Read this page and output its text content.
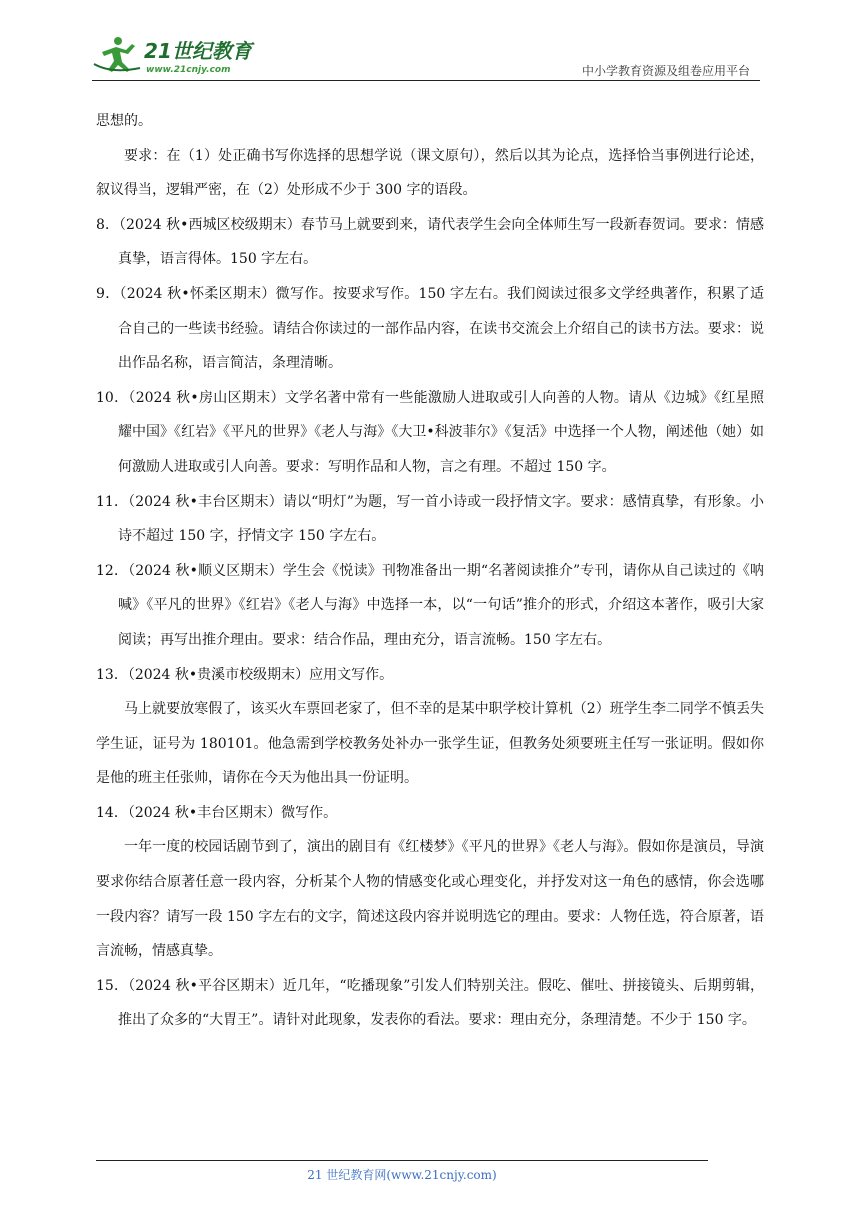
21世纪教育
www.21cnjy.com	中小学教育资源及组卷应用平台

思想的。

要求：在（1）处正确书写你选择的思想学说（课文原句），然后以其为论点，选择恰当事例进行论述，叙议得当，逻辑严密，在（2）处形成不少于 300 字的语段。

8．（2024 秋•西城区校级期末）春节马上就要到来，请代表学生会向全体师生写一段新春贺词。要求：情感真挚，语言得体。150 字左右。

9．（2024 秋•怀柔区期末）微写作。按要求写作。150 字左右。我们阅读过很多文学经典著作，积累了适合自己的一些读书经验。请结合你读过的一部作品内容，在读书交流会上介绍自己的读书方法。要求：说出作品名称，语言简洁，条理清晰。

10．（2024 秋•房山区期末）文学名著中常有一些能激励人进取或引人向善的人物。请从《边城》《红星照耀中国》《红岩》《平凡的世界》《老人与海》《大卫•科波菲尔》《复活》中选择一个人物，阐述他（她）如何激励人进取或引人向善。要求：写明作品和人物，言之有理。不超过 150 字。

11．（2024 秋•丰台区期末）请以“明灯”为题，写一首小诗或一段抒情文字。要求：感情真挚，有形象。小诗不超过 150 字，抒情文字 150 字左右。

12．（2024 秋•顺义区期末）学生会《悦读》刊物准备出一期“名著阅读推介”专刊，请你从自己读过的《呐喊》《平凡的世界》《红岩》《老人与海》中选择一本，以“一句话”推介的形式，介绍这本著作，吸引大家阅读；再写出推介理由。要求：结合作品，理由充分，语言流畅。150 字左右。

13．（2024 秋•贵溪市校级期末）应用文写作。

马上就要放寒假了，该买火车票回老家了，但不幸的是某中职学校计算机（2）班学生李二同学不慎丢失学生证，证号为 180101。他急需到学校教务处补办一张学生证，但教务处须要班主任写一张证明。假如你是他的班主任张帅，请你在今天为他出具一份证明。

14．（2024 秋•丰台区期末）微写作。

一年一度的校园话剧节到了，演出的剧目有《红楼梦》《平凡的世界》《老人与海》。假如你是演员，导演要求你结合原著任意一段内容，分析某个人物的情感变化或心理变化，并抒发对这一角色的感情，你会选哪一段内容？请写一段 150 字左右的文字，简述这段内容并说明选它的理由。要求：人物任选，符合原著，语言流畅，情感真挚。

15．（2024 秋•平谷区期末）近几年，“吃播现象”引发人们特别关注。假吃、催吐、拼接镜头、后期剪辑，推出了众多的“大胃王”。请针对此现象，发表你的看法。要求：理由充分，条理清楚。不少于 150 字。

21 世纪教育网(www.21cnjy.com)
